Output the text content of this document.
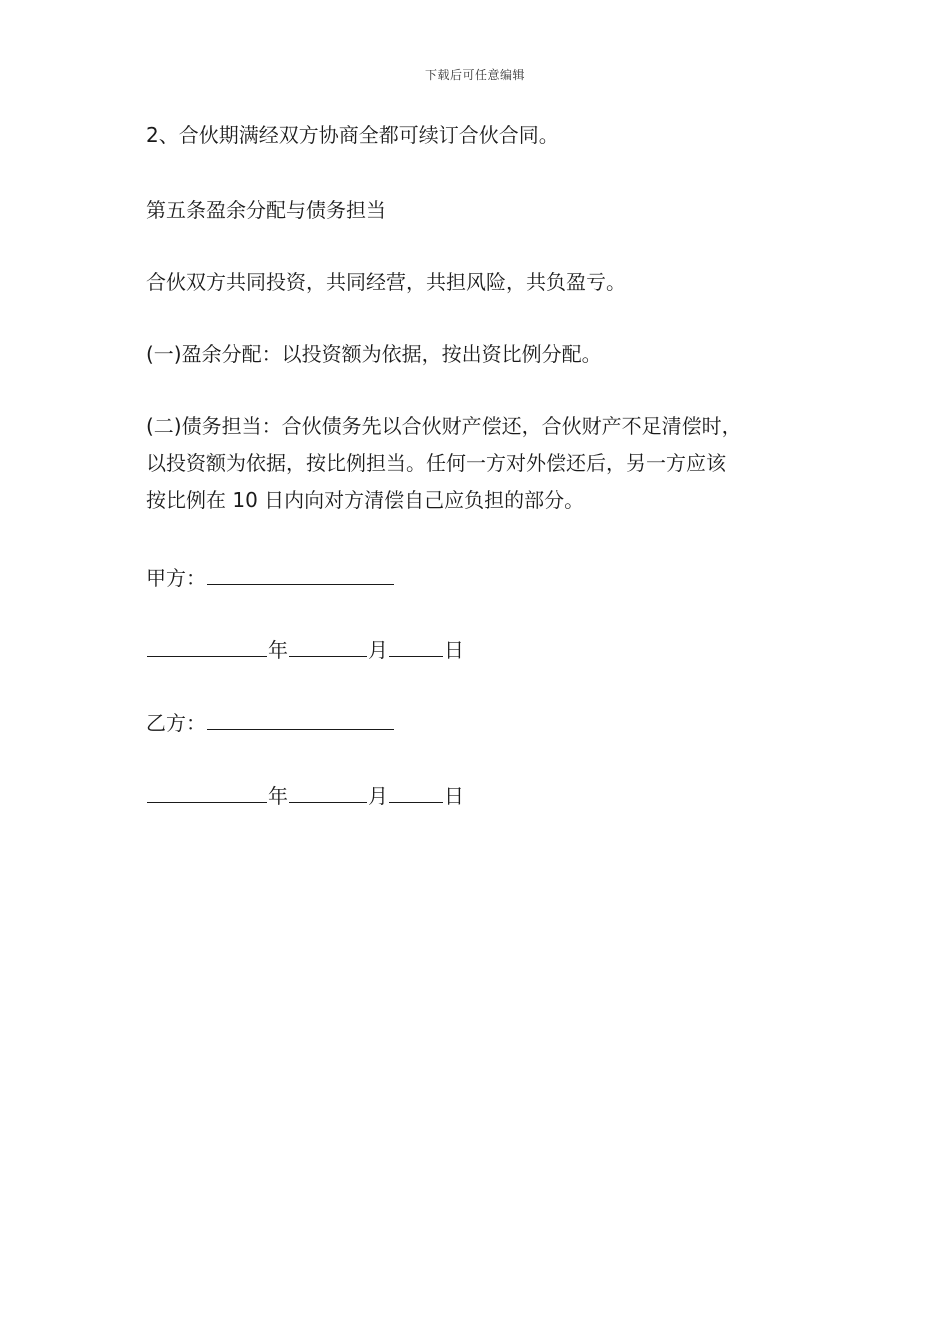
下载后可任意编辑
2、合伙期满经双方协商全都可续订合伙合同。
第五条盈余分配与债务担当
合伙双方共同投资，共同经营，共担风险，共负盈亏。
(一)盈余分配：以投资额为依据，按出资比例分配。
(二)债务担当：合伙债务先以合伙财产偿还，合伙财产不足清偿时，
以投资额为依据，按比例担当。任何一方对外偿还后，另一方应该
按比例在 10 日内向对方清偿自己应负担的部分。
甲方：
年	月	日
乙方：
年	月	日
